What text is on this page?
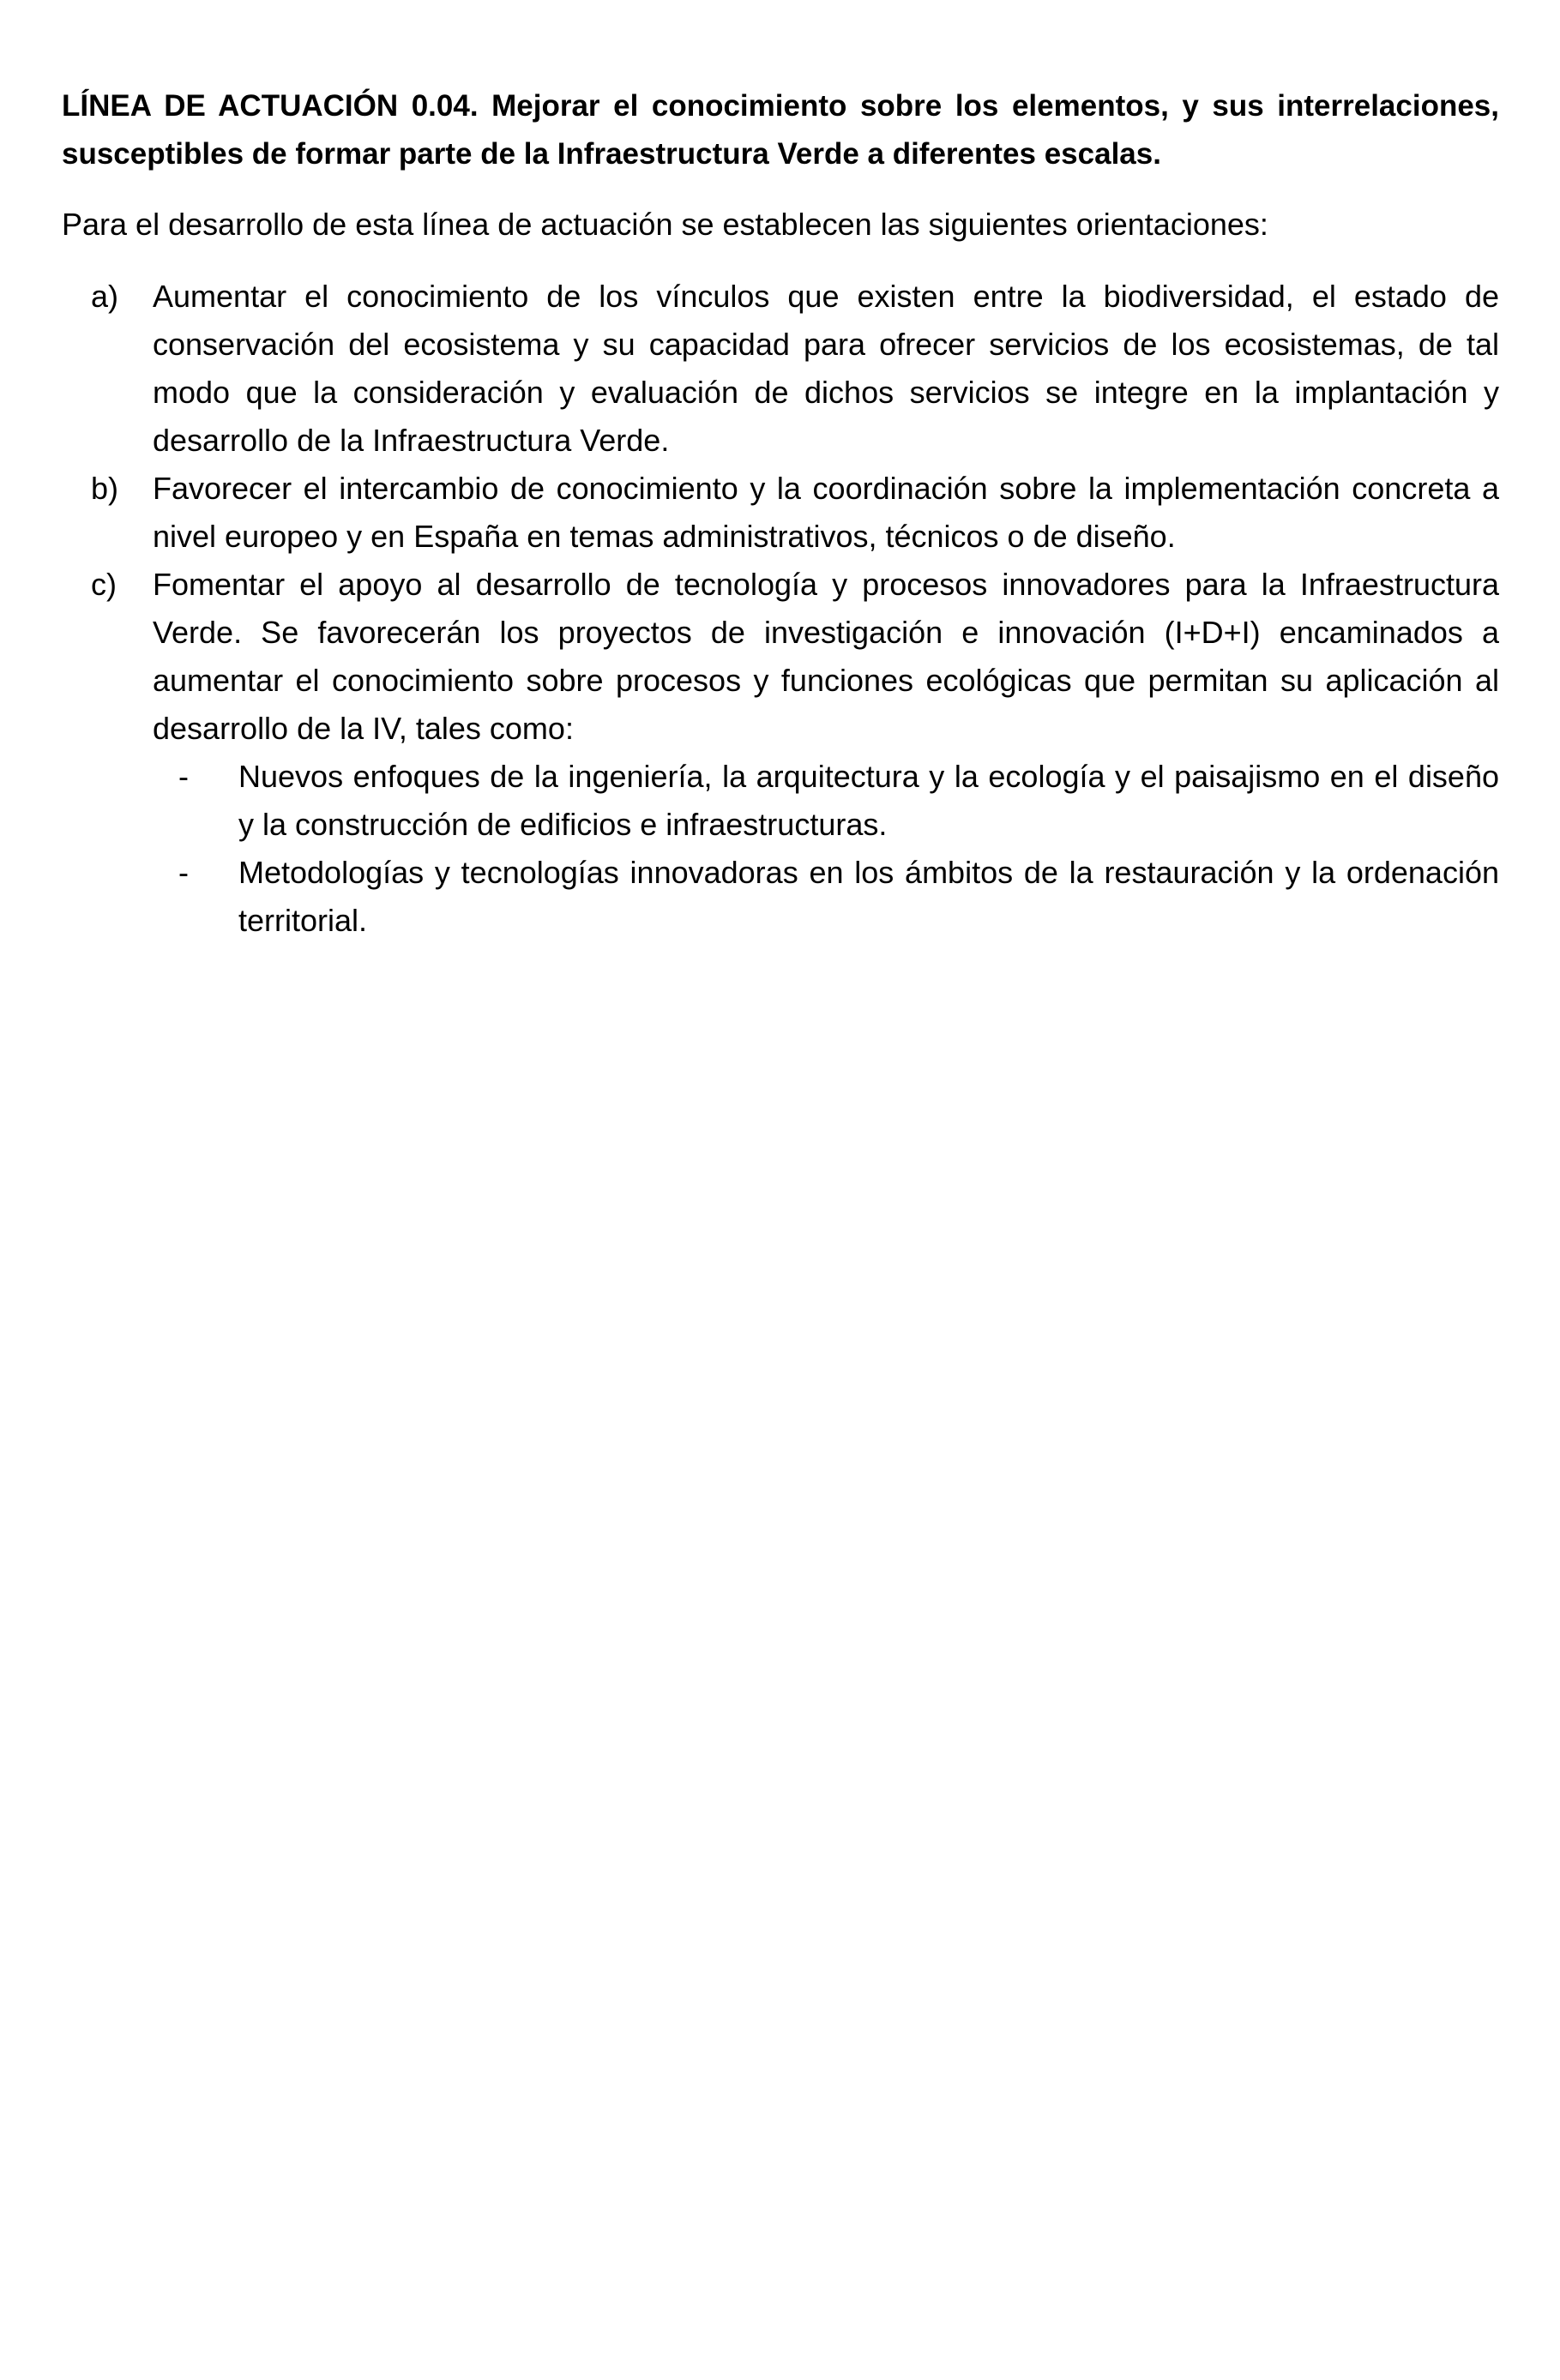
LÍNEA DE ACTUACIÓN 0.04. Mejorar el conocimiento sobre los elementos, y sus interrelaciones, susceptibles de formar parte de la Infraestructura Verde a diferentes escalas.

Para el desarrollo de esta línea de actuación se establecen las siguientes orientaciones:

a) Aumentar el conocimiento de los vínculos que existen entre la biodiversidad, el estado de conservación del ecosistema y su capacidad para ofrecer servicios de los ecosistemas, de tal modo que la consideración y evaluación de dichos servicios se integre en la implantación y desarrollo de la Infraestructura Verde.
b) Favorecer el intercambio de conocimiento y la coordinación sobre la implementación concreta a nivel europeo y en España en temas administrativos, técnicos o de diseño.
c) Fomentar el apoyo al desarrollo de tecnología y procesos innovadores para la Infraestructura Verde. Se favorecerán los proyectos de investigación e innovación (I+D+I) encaminados a aumentar el conocimiento sobre procesos y funciones ecológicas que permitan su aplicación al desarrollo de la IV, tales como:
- Nuevos enfoques de la ingeniería, la arquitectura y la ecología y el paisajismo en el diseño y la construcción de edificios e infraestructuras.
- Metodologías y tecnologías innovadoras en los ámbitos de la restauración y la ordenación territorial.
